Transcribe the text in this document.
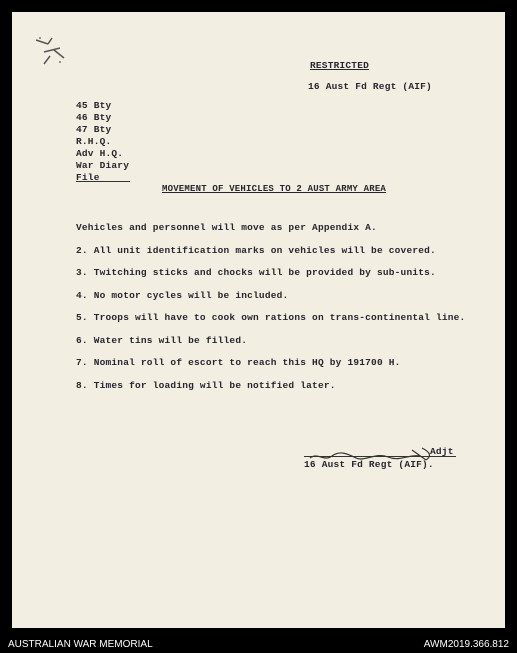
RESTRICTED
16 Aust Fd Regt (AIF)
45 Bty
46 Bty
47 Bty
R.H.Q.
Adv H.Q.
War Diary
File
MOVEMENT OF VEHICLES TO 2 AUST ARMY AREA
Vehicles and personnel will move as per Appendix A.
2. All unit identification marks on vehicles will be covered.
3. Twitching sticks and chocks will be provided by sub-units.
4. No motor cycles will be included.
5. Troops will have to cook own rations on trans-continental line.
6. Water tins will be filled.
7. Nominal roll of escort to reach this HQ by 191700 H.
8. Times for loading will be notified later.
Adjt
16 Aust Fd Regt (AIF).
AUSTRALIAN WAR MEMORIAL	AWM2019.366.812
